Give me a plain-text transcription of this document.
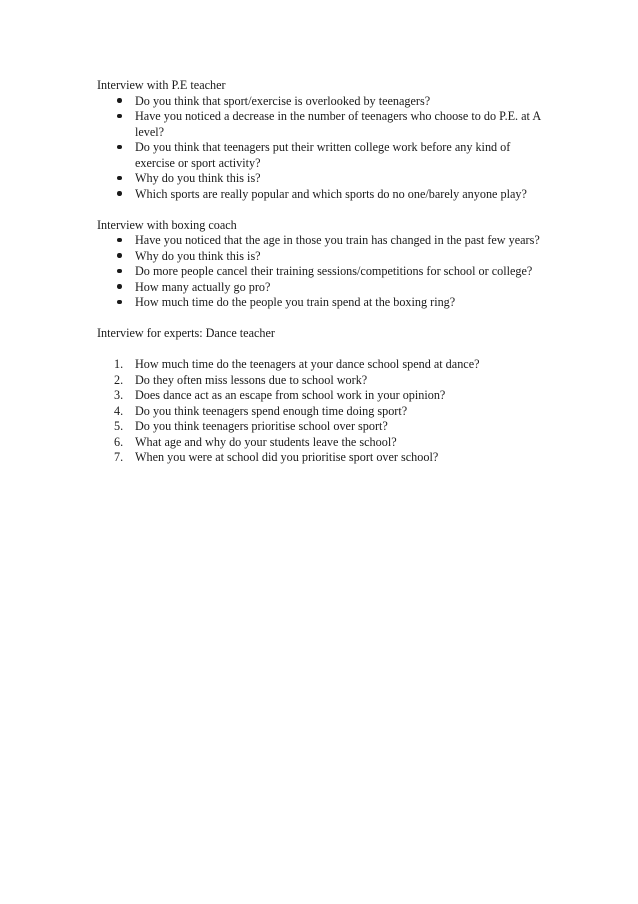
Interview with P.E teacher

Do you think that sport/exercise is overlooked by teenagers?
Have you noticed a decrease in the number of teenagers who choose to do P.E. at A level?
Do you think that teenagers put their written college work before any kind of exercise or sport activity?
Why do you think this is?
Which sports are really popular and which sports do no one/barely anyone play?

Interview with boxing coach

Have you noticed that the age in those you train has changed in the past few years?
Why do you think this is?
Do more people cancel their training sessions/competitions for school or college?
How many actually go pro?
How much time do the people you train spend at the boxing ring?

Interview for experts: Dance teacher

1. How much time do the teenagers at your dance school spend at dance?
2. Do they often miss lessons due to school work?
3. Does dance act as an escape from school work in your opinion?
4. Do you think teenagers spend enough time doing sport?
5. Do you think teenagers prioritise school over sport?
6. What age and why do your students leave the school?
7. When you were at school did you prioritise sport over school?
